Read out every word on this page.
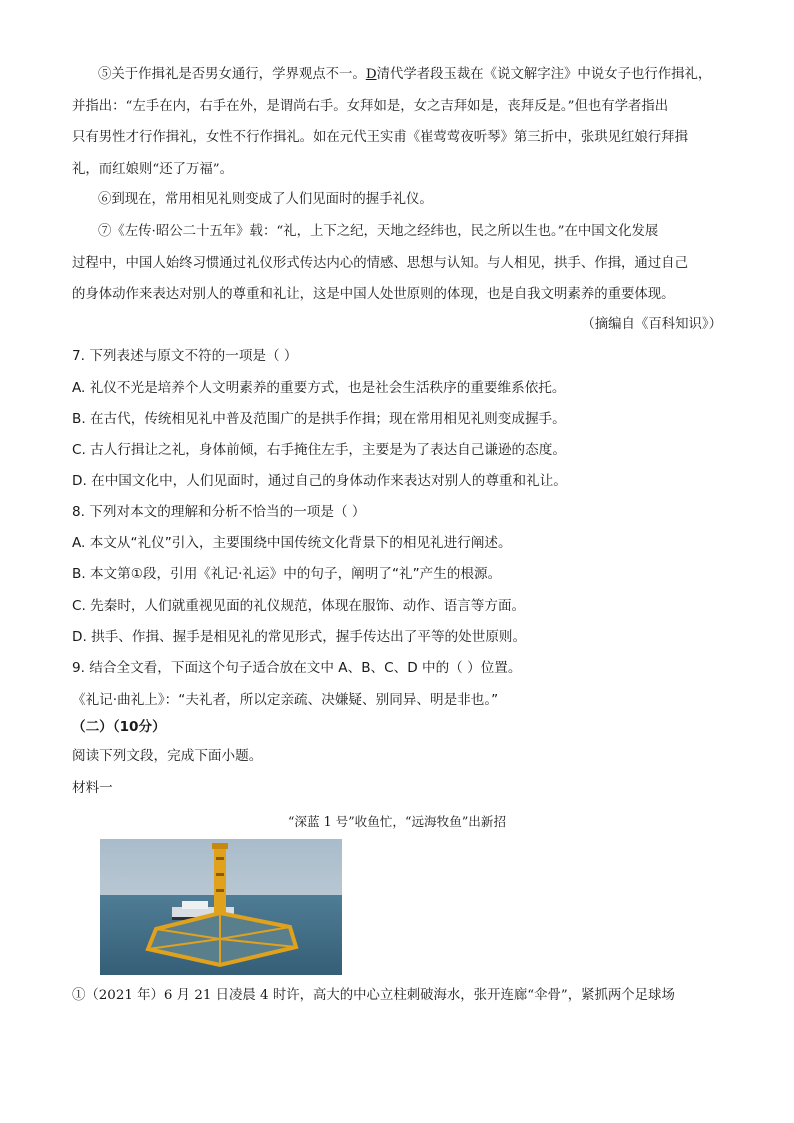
⑤关于作揖礼是否男女通行，学界观点不一。D清代学者段玉裁在《说文解字注》中说女子也行作揖礼，
并指出：“左手在内，右手在外，是谓尚右手。女拜如是，女之吉拜如是，丧拜反是。”但也有学者指出
只有男性才行作揖礼，女性不行作揖礼。如在元代王实甫《崔莺莺夜听琴》第三折中，张珙见红娘行拜揖
礼，而红娘则“还了万福”。
⑥到现在，常用相见礼则变成了人们见面时的握手礼仪。
⑦《左传·昭公二十五年》载：“礼，上下之纪，天地之经纬也，民之所以生也。”在中国文化发展
过程中，中国人始终习惯通过礼仪形式传达内心的情感、思想与认知。与人相见，拱手、作揖，通过自己
的身体动作来表达对别人的尊重和礼让，这是中国人处世原则的体现，也是自我文明素养的重要体现。
（摘编自《百科知识》）
7. 下列表述与原文不符的一项是（ ）
A. 礼仪不光是培养个人文明素养的重要方式，也是社会生活秩序的重要维系依托。
B. 在古代，传统相见礼中普及范围广的是拱手作揖；现在常用相见礼则变成握手。
C. 古人行揖让之礼，身体前倾，右手掩住左手，主要是为了表达自己谦逊的态度。
D. 在中国文化中，人们见面时，通过自己的身体动作来表达对别人的尊重和礼让。
8. 下列对本文的理解和分析不恰当的一项是（ ）
A. 本文从“礼仪”引入，主要围绕中国传统文化背景下的相见礼进行阐述。
B. 本文第①段，引用《礼记·礼运》中的句子，阐明了“礼”产生的根源。
C. 先秦时，人们就重视见面的礼仪规范，体现在服饰、动作、语言等方面。
D. 拱手、作揖、握手是相见礼的常见形式，握手传达出了平等的处世原则。
9. 结合全文看，下面这个句子适合放在文中 A、B、C、D 中的（ ）位置。
《礼记·曲礼上》：“夫礼者，所以定亲疏、决嫌疑、别同异、明是非也。”
（二）（10分）
阅读下列文段，完成下面小题。
材料一
“深蓝 1 号”收鱼忙，“远海牧鱼”出新招
①（2021 年）6 月 21 日凌晨 4 时许，高大的中心立柱刺破海水，张开连廊“伞骨”，紧抓两个足球场
